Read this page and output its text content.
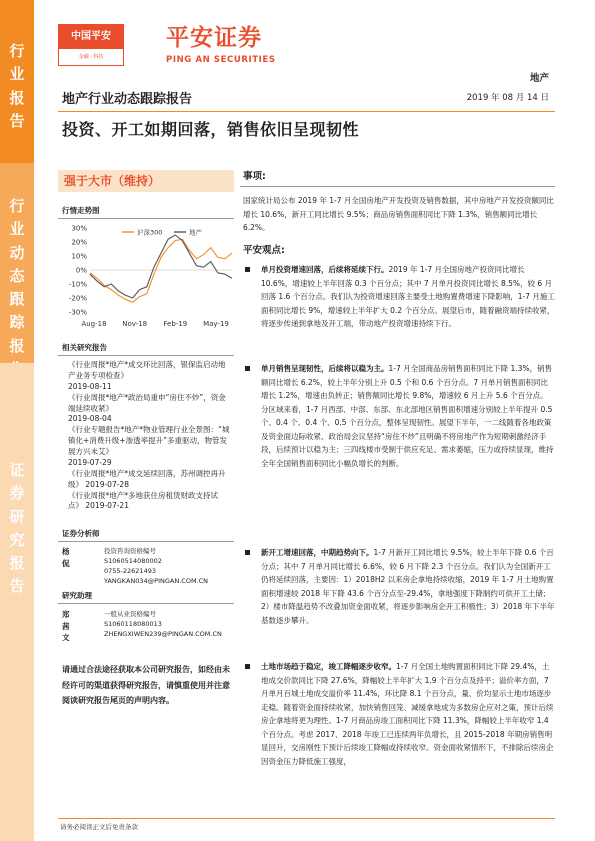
行
业
报
告
行
业
动
态
跟
踪
报
证
券
研
究
报
告
中国平安
金融 · 科技
平安证券
PING AN SECURITIES
地产
地产行业动态跟踪报告	2019 年 08 月 14 日
投资、开工如期回落，销售依旧呈现韧性
强于大市（维持）
行情走势图
30%
20%
10%
0%
-10%
-20%
-30%
Aug-18 Nov-18 Feb-19 May-19
沪深300	地产
相关研究报告
《行业周报*地产*成交环比回落，银保监启动地产业务专项检查》
2019-08-11
《行业周报*地产*政治局重申“房住不炒”，资金端延续收紧》
2019-08-04
《行业专题报告*地产*物业管理行业全景图：“城镇化+消费升级+渗透率提升”多重驱动，物管发展方兴未艾》
2019-07-29
《行业周报*地产*成交延续回落，苏州调控再升级》 2019-07-28
《行业周报*地产*多地获住房租赁财政支持试点》 2019-07-21
证券分析师
杨侃
投资咨询资格编号
S1060514080002
0755-22621493
YANGKAN034@PINGAN.COM.CN
研究助理
郑茜文
一般从业资格编号
S1060118080013
ZHENGXIWEN239@PINGAN.COM.CN
请通过合法途径获取本公司研究报告，如经由未经许可的渠道获得研究报告，请慎重使用并注意阅读研究报告尾页的声明内容。
事项:
国家统计局公布 2019 年 1-7 月全国房地产开发投资及销售数据，其中房地产开发投资额同比增长 10.6%，新开工同比增长 9.5%；商品房销售面积同比下降 1.3%，销售额同比增长 6.2%。
平安观点:
单月投资增速回落，后续将延续下行。2019 年 1-7 月全国房地产投资同比增长 10.6%，增速较上半年回落 0.3 个百分点；其中 7 月单月投资同比增长 8.5%，较 6 月回落 1.6 个百分点。我们认为投资增速回落主要受土地购置费增速下降影响，1-7 月施工面积同比增长 9%，增速较上半年扩大 0.2 个百分点。展望后市，随着融资端持续收紧，将逐步传递到拿地及开工端，带动地产投资增速持续下行。
单月销售呈现韧性，后续将以稳为主。1-7 月全国商品房销售面积同比下降 1.3%，销售额同比增长 6.2%，较上半年分别上升 0.5 个和 0.6 个百分点。7 月单月销售面积同比增长 1.2%，增速由负转正；销售额同比增长 9.8%，增速较 6 月上升 5.6 个百分点。分区域来看，1-7 月西部、中部、东部、东北部地区销售面积增速分别较上半年提升 0.5 个、0.4 个、0.4 个、0.5 个百分点，整体呈现韧性。展望下半年，一二线随着各地政策及资金面边际收紧、政治局会议坚持“房住不炒”且明确不将房地产作为短期刺激经济手段，后续预计以稳为主；三四线楼市受制于供应充足、需求萎缩，压力或持续显现，维持全年全国销售面积同比小幅负增长的判断。
新开工增速回落，中期趋势向下。1-7 月新开工同比增长 9.5%，较上半年下降 0.6 个百分点；其中 7 月单月同比增长 6.6%，较 6 月下降 2.3 个百分点。我们认为全国新开工仍将延续回落，主要因：1）2018H2 以来房企拿地持续收缩，2019 年 1-7 月土地购置面积增速较 2018 年下降 43.6 个百分点至-29.4%，拿地强度下降制约可供开工土储；2）楼市降温趋势不改叠加资金面收紧，将逐步影响房企开工积极性；3）2018 年下半年基数逐步攀升。
土地市场趋于稳定，竣工降幅逐步收窄。1-7 月全国土地购置面积同比下降 29.4%，土地成交价款同比下降 27.6%，降幅较上半年扩大 1.9 个百分点及持平；溢价率方面，7 月单月百城土地成交溢价率 11.4%，环比降 8.1 个百分点，量、价均显示土地市场逐步走稳。随着资金面持续收紧，加快销售回笼、减缓拿地成为多数房企应对之策，预计后续房企拿地将更为理性。1-7 月商品房竣工面积同比下降 11.3%，降幅较上半年收窄 1.4 个百分点。考虑 2017、2018 年竣工已连续两年负增长，且 2015-2018 年期房销售明显回升，交房刚性下预计后续竣工降幅或持续收窄。资金面收紧情形下，不排除后续房企因资金压力降低施工强度，
请务必阅读正文后免责条款
